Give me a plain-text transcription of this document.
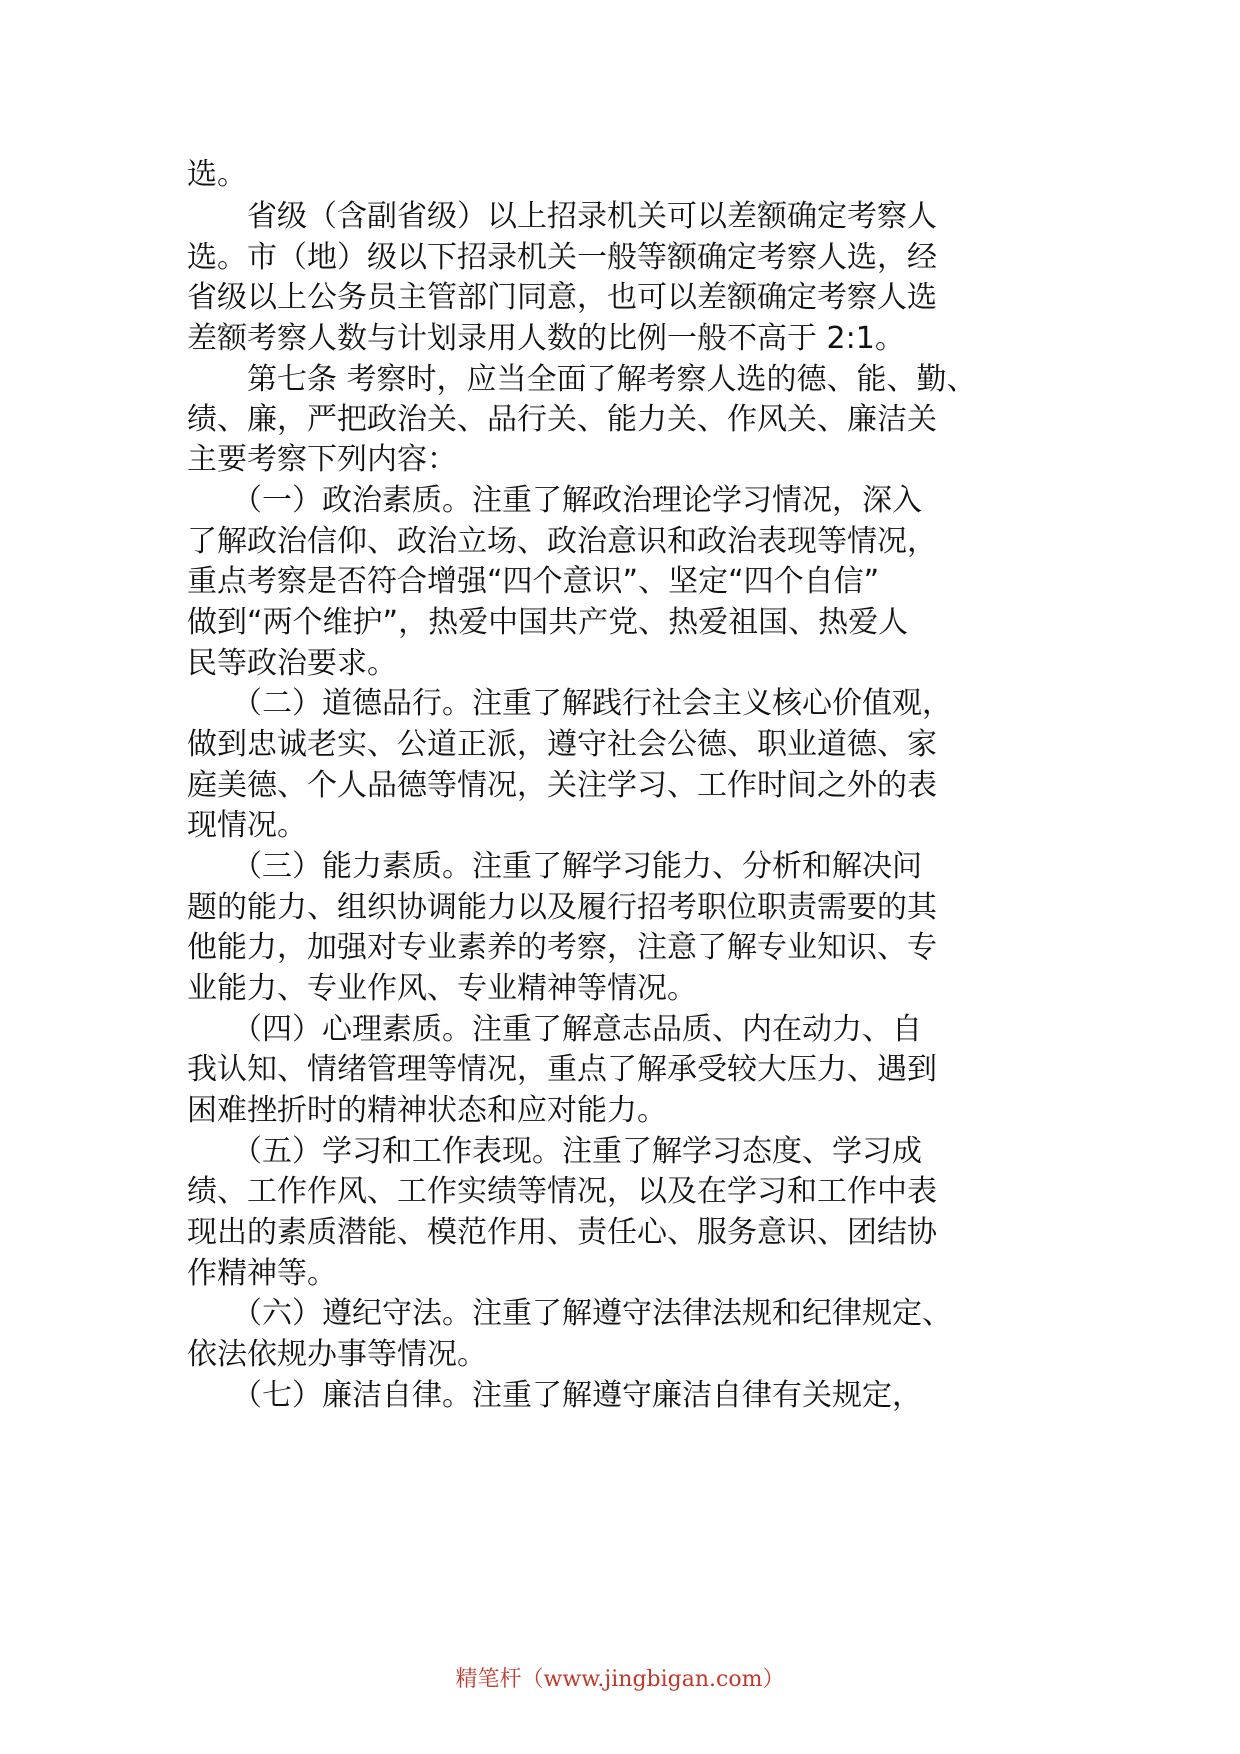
选。
　　省级（含副省级）以上招录机关可以差额确定考察人
选。市（地）级以下招录机关一般等额确定考察人选，经
省级以上公务员主管部门同意，也可以差额确定考察人选
差额考察人数与计划录用人数的比例一般不高于 2:1。
　　第七条 考察时，应当全面了解考察人选的德、能、勤、
绩、廉，严把政治关、品行关、能力关、作风关、廉洁关
主要考察下列内容：
　　（一）政治素质。注重了解政治理论学习情况，深入
了解政治信仰、政治立场、政治意识和政治表现等情况，
重点考察是否符合增强“四个意识”、坚定“四个自信”
做到“两个维护”，热爱中国共产党、热爱祖国、热爱人
民等政治要求。
　　（二）道德品行。注重了解践行社会主义核心价值观，
做到忠诚老实、公道正派，遵守社会公德、职业道德、家
庭美德、个人品德等情况，关注学习、工作时间之外的表
现情况。
　　（三）能力素质。注重了解学习能力、分析和解决问
题的能力、组织协调能力以及履行招考职位职责需要的其
他能力，加强对专业素养的考察，注意了解专业知识、专
业能力、专业作风、专业精神等情况。
　　（四）心理素质。注重了解意志品质、内在动力、自
我认知、情绪管理等情况，重点了解承受较大压力、遇到
困难挫折时的精神状态和应对能力。
　　（五）学习和工作表现。注重了解学习态度、学习成
绩、工作作风、工作实绩等情况，以及在学习和工作中表
现出的素质潜能、模范作用、责任心、服务意识、团结协
作精神等。
　　（六）遵纪守法。注重了解遵守法律法规和纪律规定、
依法依规办事等情况。
　　（七）廉洁自律。注重了解遵守廉洁自律有关规定，
精笔杆（www.jingbigan.com）
